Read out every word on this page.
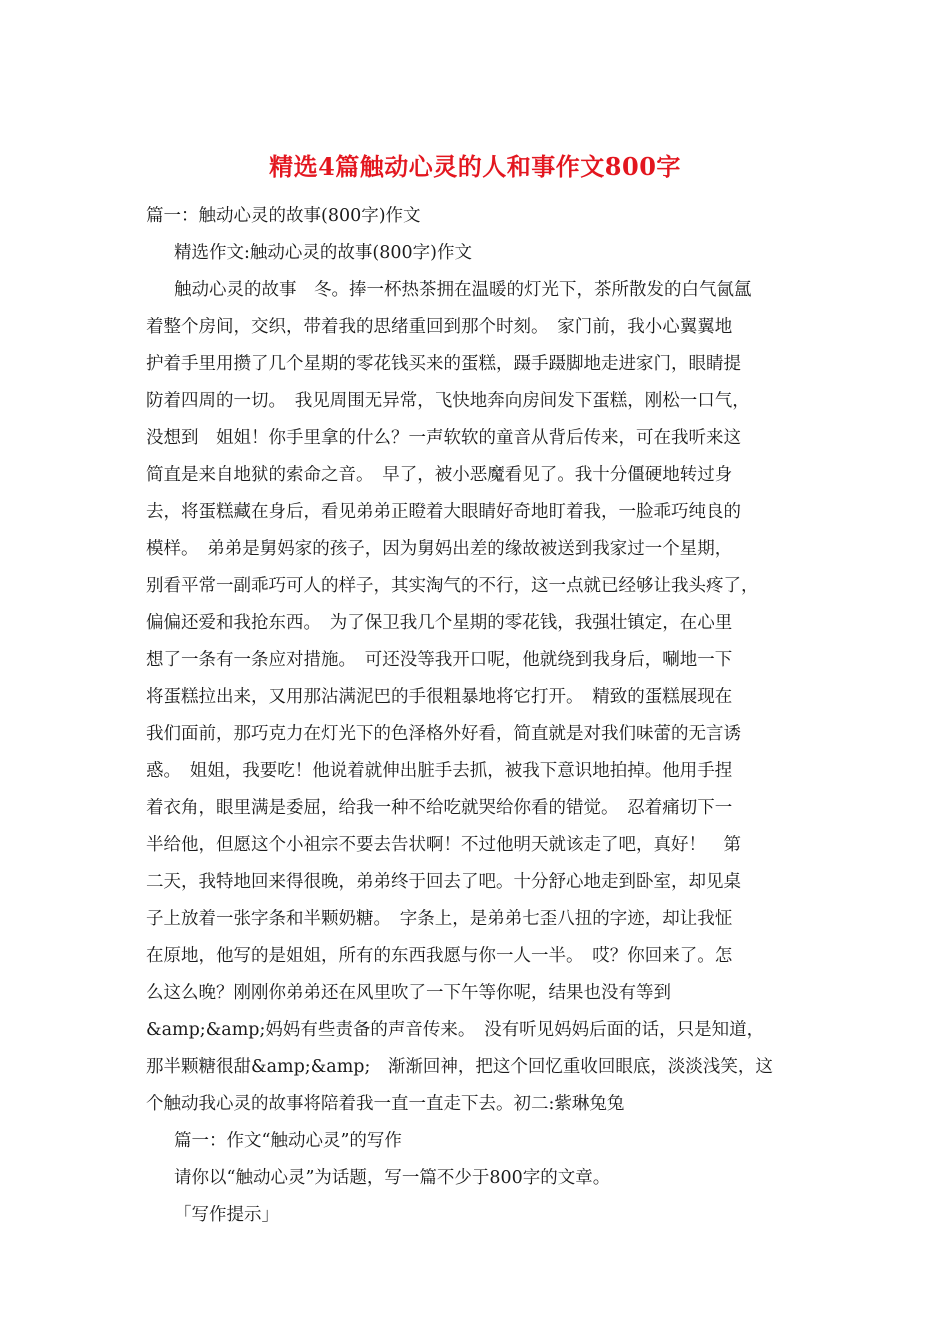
精选4篇触动心灵的人和事作文800字
篇一：触动心灵的故事(800字)作文
精选作文:触动心灵的故事(800字)作文
触动心灵的故事　冬。捧一杯热茶拥在温暖的灯光下，茶所散发的白气氤氲
着整个房间，交织，带着我的思绪重回到那个时刻。　家门前，我小心翼翼地
护着手里用攒了几个星期的零花钱买来的蛋糕，蹑手蹑脚地走进家门，眼睛提
防着四周的一切。　我见周围无异常，飞快地奔向房间发下蛋糕，刚松一口气，
没想到　姐姐！你手里拿的什么？一声软软的童音从背后传来，可在我听来这
简直是来自地狱的索命之音。　早了，被小恶魔看见了。我十分僵硬地转过身
去，将蛋糕藏在身后，看见弟弟正瞪着大眼睛好奇地盯着我，一脸乖巧纯良的
模样。　弟弟是舅妈家的孩子，因为舅妈出差的缘故被送到我家过一个星期，
别看平常一副乖巧可人的样子，其实淘气的不行，这一点就已经够让我头疼了，
偏偏还爱和我抢东西。　为了保卫我几个星期的零花钱，我强壮镇定，在心里
想了一条有一条应对措施。　可还没等我开口呢，他就绕到我身后，唰地一下
将蛋糕拉出来，又用那沾满泥巴的手很粗暴地将它打开。　精致的蛋糕展现在
我们面前，那巧克力在灯光下的色泽格外好看，简直就是对我们味蕾的无言诱
惑。　姐姐，我要吃！他说着就伸出脏手去抓，被我下意识地拍掉。他用手捏
着衣角，眼里满是委屈，给我一种不给吃就哭给你看的错觉。　忍着痛切下一
半给他，但愿这个小祖宗不要去告状啊！不过他明天就该走了吧，真好！　第
二天，我特地回来得很晚，弟弟终于回去了吧。十分舒心地走到卧室，却见桌
子上放着一张字条和半颗奶糖。　字条上，是弟弟七歪八扭的字迹，却让我怔
在原地，他写的是姐姐，所有的东西我愿与你一人一半。　哎？你回来了。怎
么这么晚？刚刚你弟弟还在风里吹了一下午等你呢，结果也没有等到
&amp;&amp;妈妈有些责备的声音传来。　没有听见妈妈后面的话，只是知道，
那半颗糖很甜&amp;&amp;　渐渐回神，把这个回忆重收回眼底，淡淡浅笑，这
个触动我心灵的故事将陪着我一直一直走下去。初二:紫琳兔兔
篇一：作文“触动心灵”的写作
请你以“触动心灵”为话题，写一篇不少于800字的文章。
「写作提示」
